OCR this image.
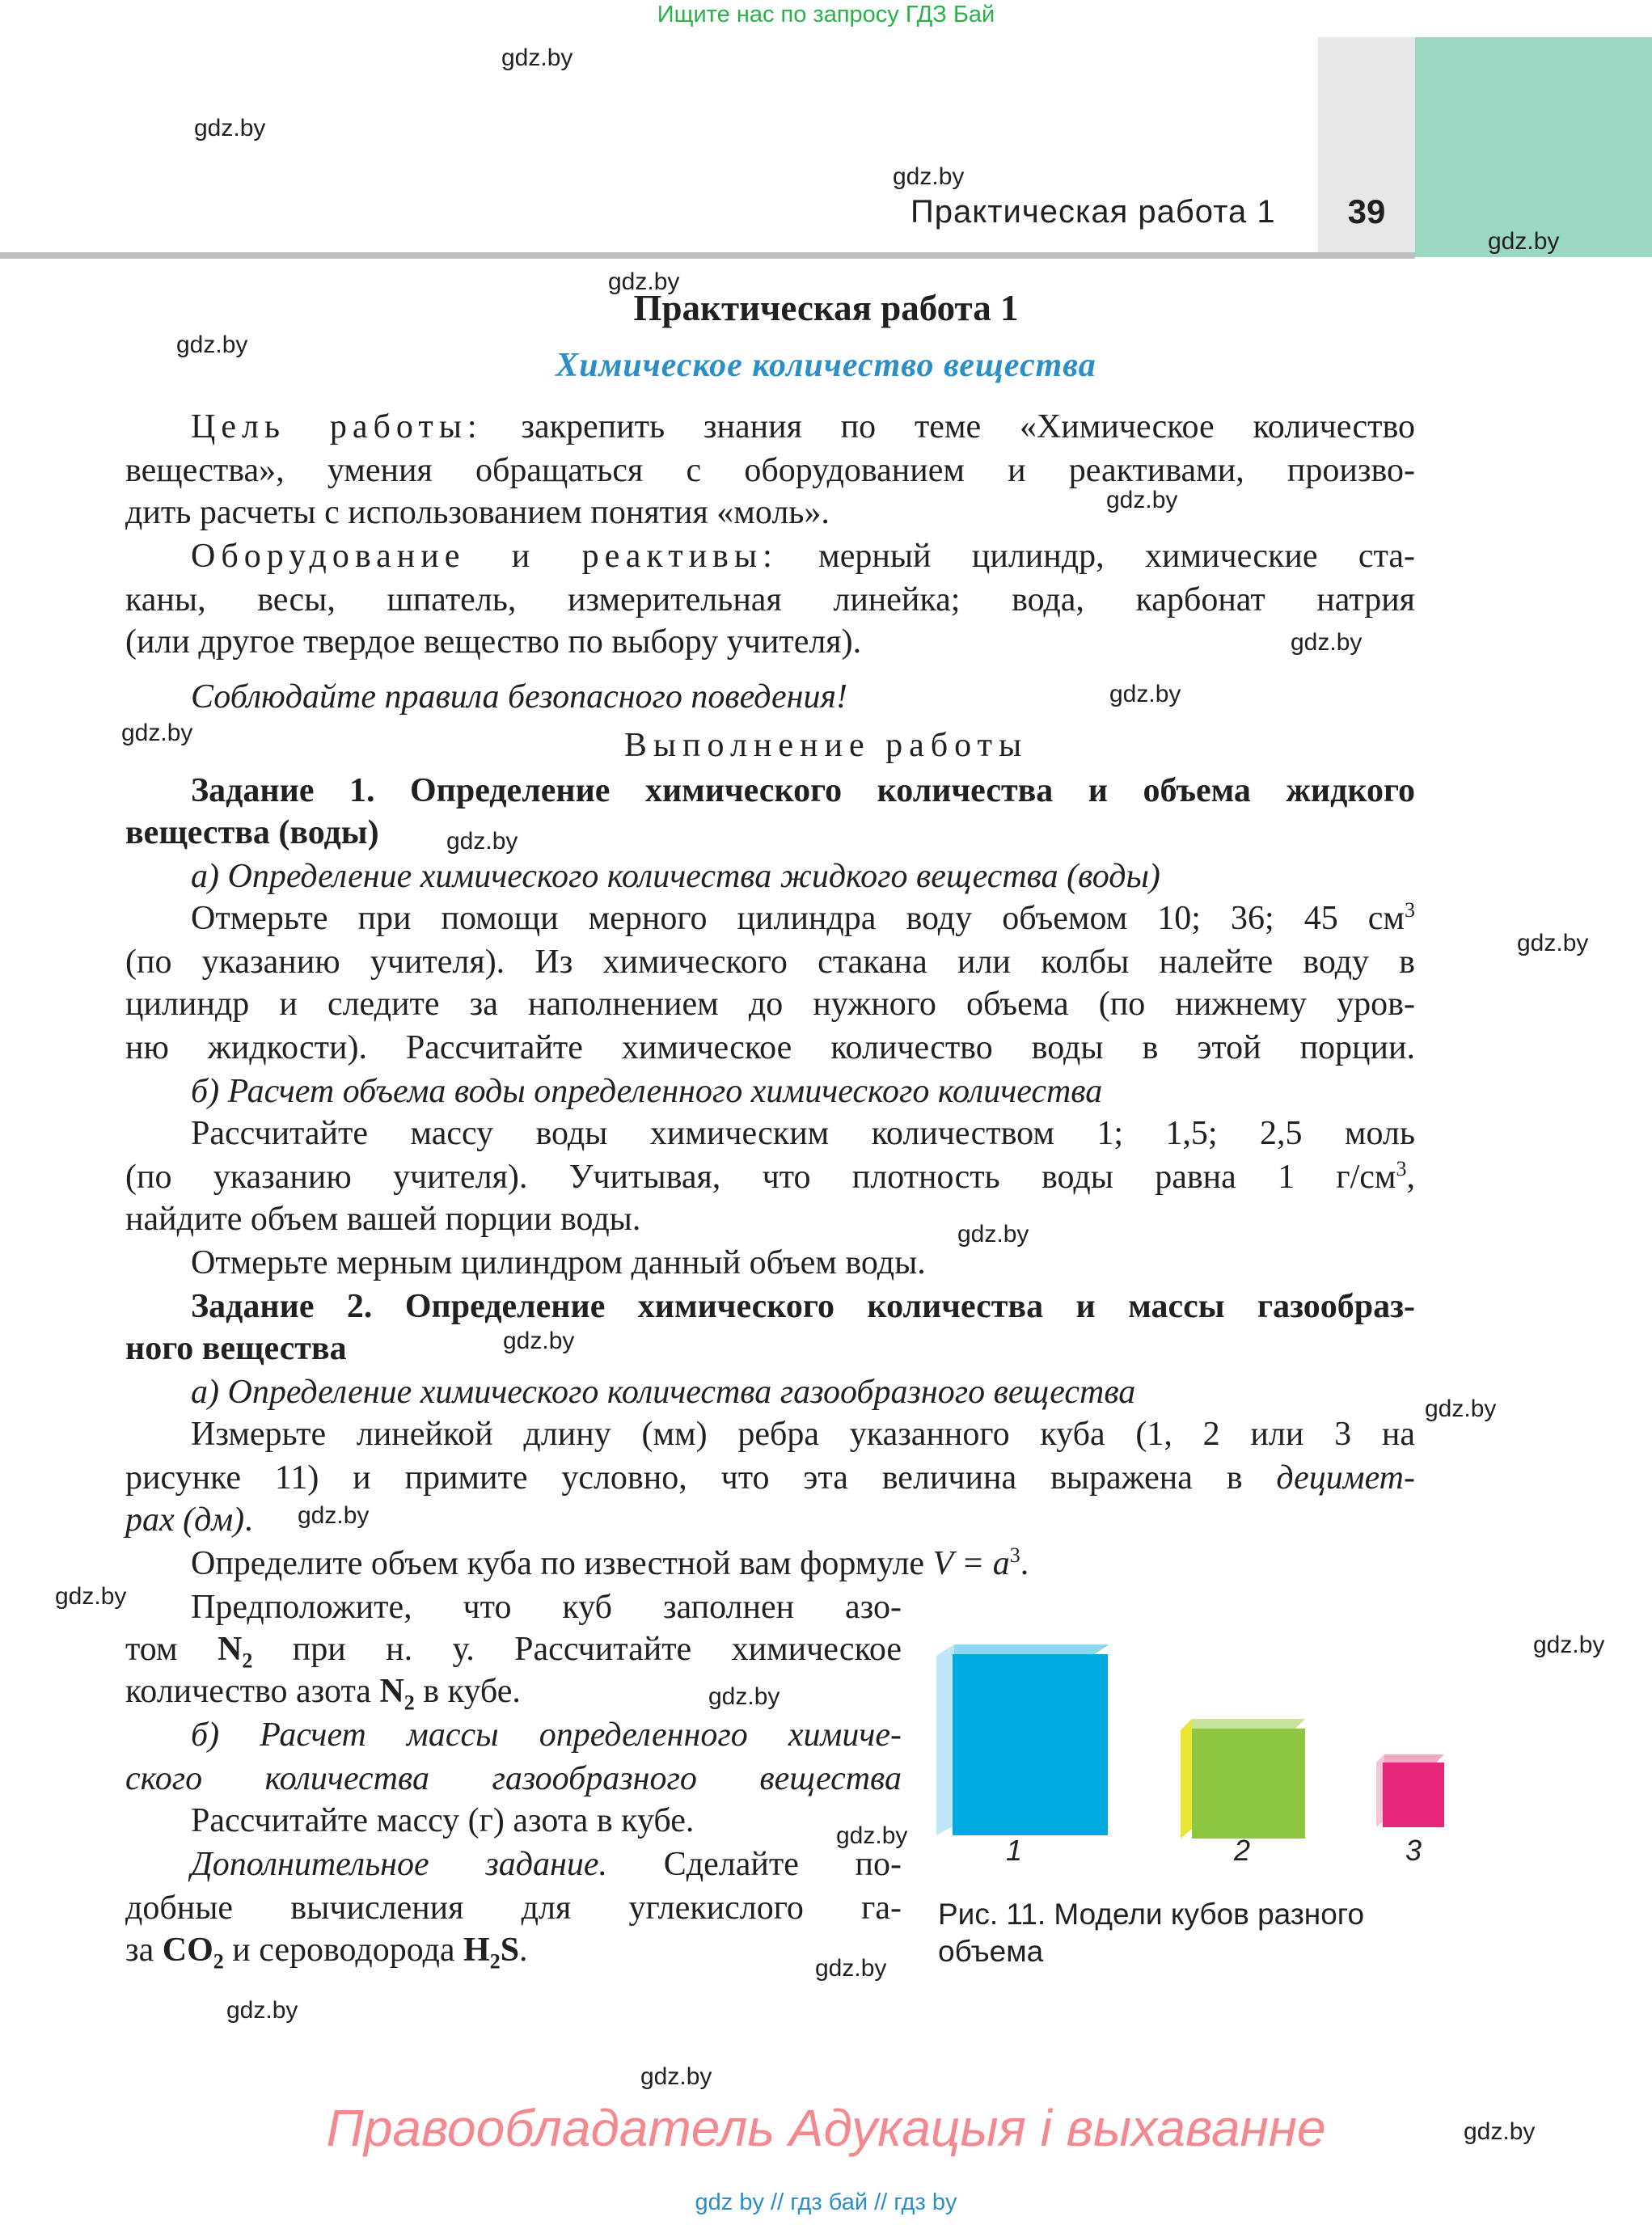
Ищите нас по запросу ГДЗ Бай
Практическая работа 1	39
gdz.by
gdz.by
gdz.by
gdz.by
gdz.by
gdz.by
gdz.by
gdz.by
gdz.by
gdz.by
gdz.by
gdz.by
gdz.by
gdz.by
gdz.by
gdz.by
gdz.by
gdz.by
gdz.by
gdz.by
gdz.by
gdz.by
gdz.by
gdz.by
Практическая работа 1
Химическое количество вещества
Цель работы: закрепить знания по теме «Химическое количество
вещества», умения обращаться с оборудованием и реактивами, произво-
дить расчеты с использованием понятия «моль».
Оборудование и реактивы: мерный цилиндр, химические ста-
каны, весы, шпатель, измерительная линейка; вода, карбонат натрия
(или другое твердое вещество по выбору учителя).
Соблюдайте правила безопасного поведения!
Выполнение работы
Задание 1. Определение химического количества и объема жидкого
вещества (воды)
а) Определение химического количества жидкого вещества (воды)
Отмерьте при помощи мерного цилиндра воду объемом 10; 36; 45 $см^3$
(по указанию учителя). Из химического стакана или колбы налейте воду в
цилиндр и следите за наполнением до нужного объема (по нижнему уров-
ню жидкости). Рассчитайте химическое количество воды в этой порции.
б) Расчет объема воды определенного химического количества
Рассчитайте массу воды химическим количеством 1; 1,5; 2,5 моль
(по указанию учителя). Учитывая, что плотность воды равна 1 $г/см^3$,
найдите объем вашей порции воды.
Отмерьте мерным цилиндром данный объем воды.
Задание 2. Определение химического количества и массы газообраз-
ного вещества
а) Определение химического количества газообразного вещества
Измерьте линейкой длину (мм) ребра указанного куба (1, 2 или 3 на
рисунке 11) и примите условно, что эта величина выражена в децимет-
рах (дм).
Определите объем куба по известной вам формуле $V = a^3$.
Предположите, что куб заполнен азо-
том $N_2$ при н. у. Рассчитайте химическое
количество азота $N_2$ в кубе.
б) Расчет массы определенного химиче-
ского количества газообразного вещества
Рассчитайте массу (г) азота в кубе.
Дополнительное задание. Сделайте по-
добные вычисления для углекислого га-
за $CO_2$ и сероводорода $H_2S$.
1	2	3
Рис. 11. Модели кубов разного
объема
Правообладатель Адукацыя і выхаванне
gdz by // гдз бай // гдз by
